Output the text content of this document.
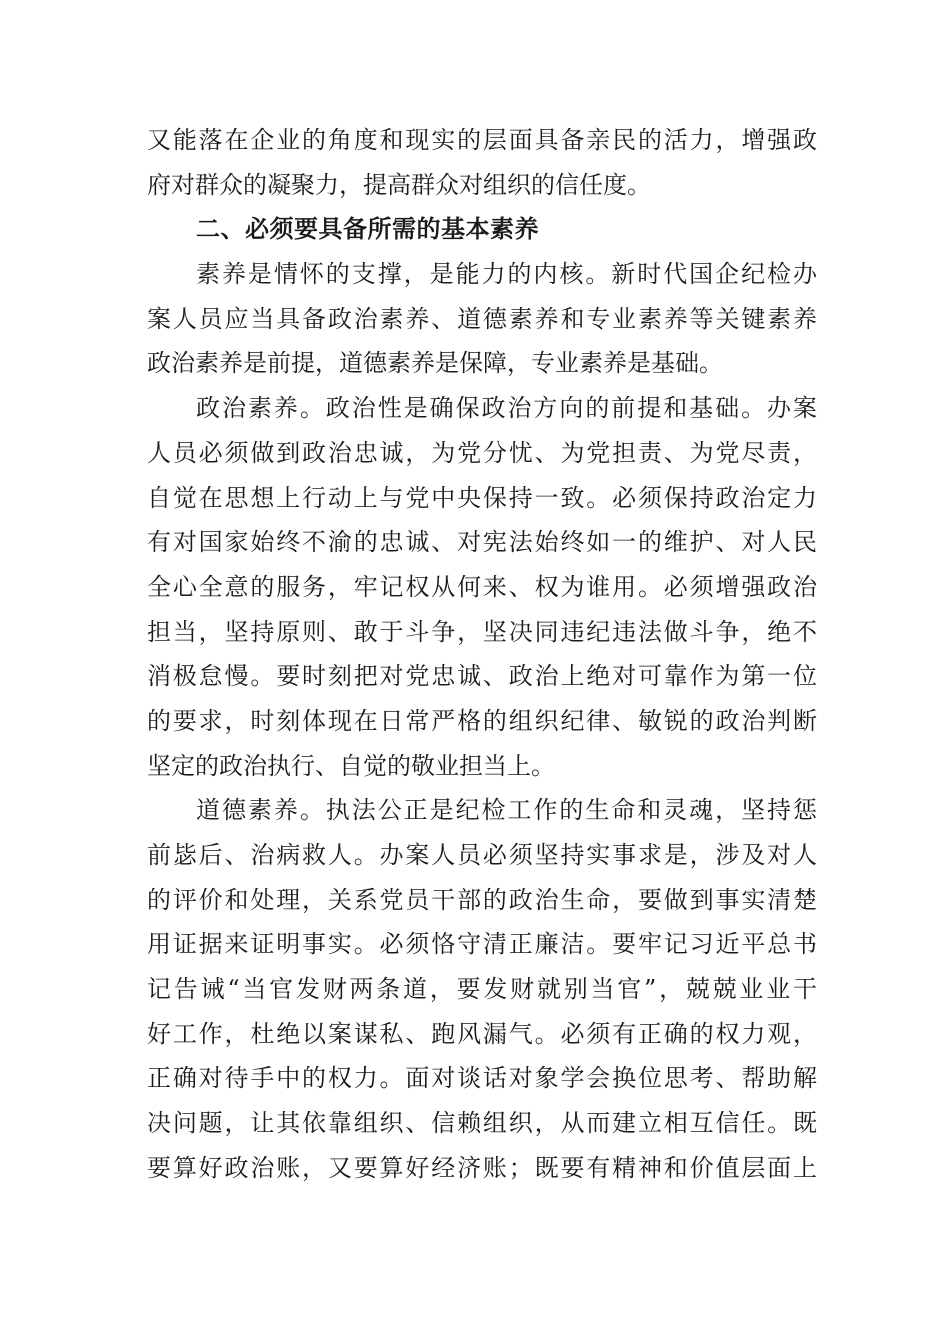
又能落在企业的角度和现实的层面具备亲民的活力，增强政
府对群众的凝聚力，提高群众对组织的信任度。
二、必须要具备所需的基本素养
素养是情怀的支撑，是能力的内核。新时代国企纪检办
案人员应当具备政治素养、道德素养和专业素养等关键素养
政治素养是前提，道德素养是保障，专业素养是基础。
政治素养。政治性是确保政治方向的前提和基础。办案
人员必须做到政治忠诚，为党分忧、为党担责、为党尽责，
自觉在思想上行动上与党中央保持一致。必须保持政治定力
有对国家始终不渝的忠诚、对宪法始终如一的维护、对人民
全心全意的服务，牢记权从何来、权为谁用。必须增强政治
担当，坚持原则、敢于斗争，坚决同违纪违法做斗争，绝不
消极怠慢。要时刻把对党忠诚、政治上绝对可靠作为第一位
的要求，时刻体现在日常严格的组织纪律、敏锐的政治判断
坚定的政治执行、自觉的敬业担当上。
道德素养。执法公正是纪检工作的生命和灵魂，坚持惩
前毖后、治病救人。办案人员必须坚持实事求是，涉及对人
的评价和处理，关系党员干部的政治生命，要做到事实清楚
用证据来证明事实。必须恪守清正廉洁。要牢记习近平总书
记告诫“当官发财两条道，要发财就别当官”，兢兢业业干
好工作，杜绝以案谋私、跑风漏气。必须有正确的权力观，
正确对待手中的权力。面对谈话对象学会换位思考、帮助解
决问题，让其依靠组织、信赖组织，从而建立相互信任。既
要算好政治账，又要算好经济账；既要有精神和价值层面上
